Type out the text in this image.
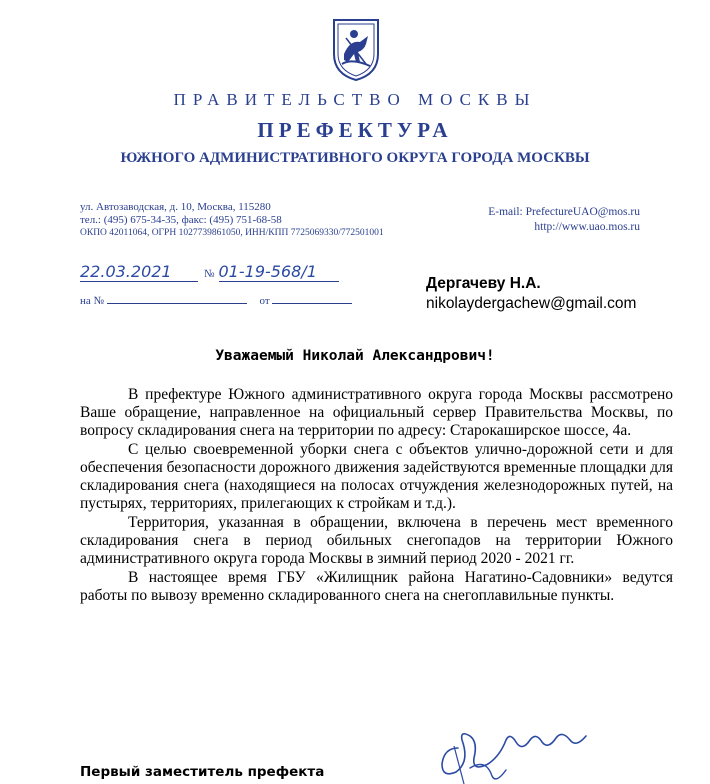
ПРАВИТЕЛЬСТВО МОСКВЫ
ПРЕФЕКТУРА
ЮЖНОГО АДМИНИСТРАТИВНОГО ОКРУГА ГОРОДА МОСКВЫ
ул. Автозаводская, д. 10, Москва, 115280
тел.: (495) 675-34-35, факс: (495) 751-68-58
ОКПО 42011064, ОГРН 1027739861050, ИНН/КПП 7725069330/772501001
E-mail: PrefectureUAO@mos.ru
http://www.uao.mos.ru
22.03.2021	№ 01-19-568/1
на №	от
Дергачеву Н.А.
nikolaydergachew@gmail.com
Уважаемый Николай Александрович!

В префектуре Южного административного округа города Москвы рассмотрено Ваше обращение, направленное на официальный сервер Правительства Москвы, по вопросу складирования снега на территории по адресу: Старокаширское шоссе, 4а.

С целью своевременной уборки снега с объектов улично-дорожной сети и для обеспечения безопасности дорожного движения задействуются временные площадки для складирования снега (находящиеся на полосах отчуждения железнодорожных путей, на пустырях, территориях, прилегающих к стройкам и т.д.).

Территория, указанная в обращении, включена в перечень мест временного складирования снега в период обильных снегопадов на территории Южного административного округа города Москвы в зимний период 2020 - 2021 гг.

В настоящее время ГБУ «Жилищник района Нагатино-Садовники» ведутся работы по вывозу временно складированного снега на снегоплавильные пункты.

Первый заместитель префекта
